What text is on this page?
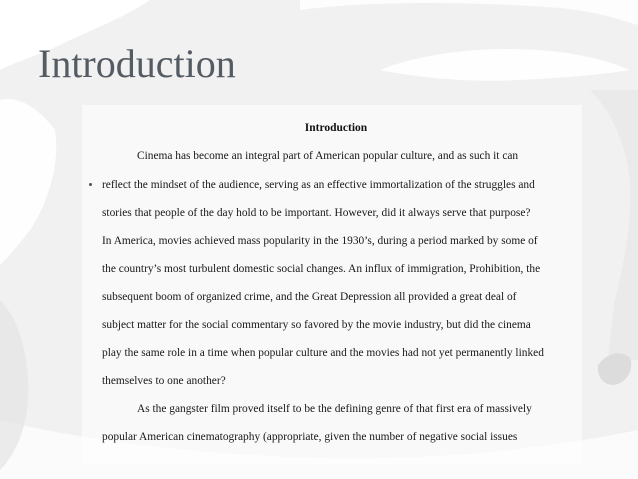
Introduction
Introduction
Cinema has become an integral part of American popular culture, and as such it can
reflect the mindset of the audience, serving as an effective immortalization of the struggles and
stories that people of the day hold to be important. However, did it always serve that purpose?
In America, movies achieved mass popularity in the 1930’s, during a period marked by some of
the country’s most turbulent domestic social changes. An influx of immigration, Prohibition, the
subsequent boom of organized crime, and the Great Depression all provided a great deal of
subject matter for the social commentary so favored by the movie industry, but did the cinema
play the same role in a time when popular culture and the movies had not yet permanently linked
themselves to one another?
As the gangster film proved itself to be the defining genre of that first era of massively
popular American cinematography (appropriate, given the number of negative social issues
